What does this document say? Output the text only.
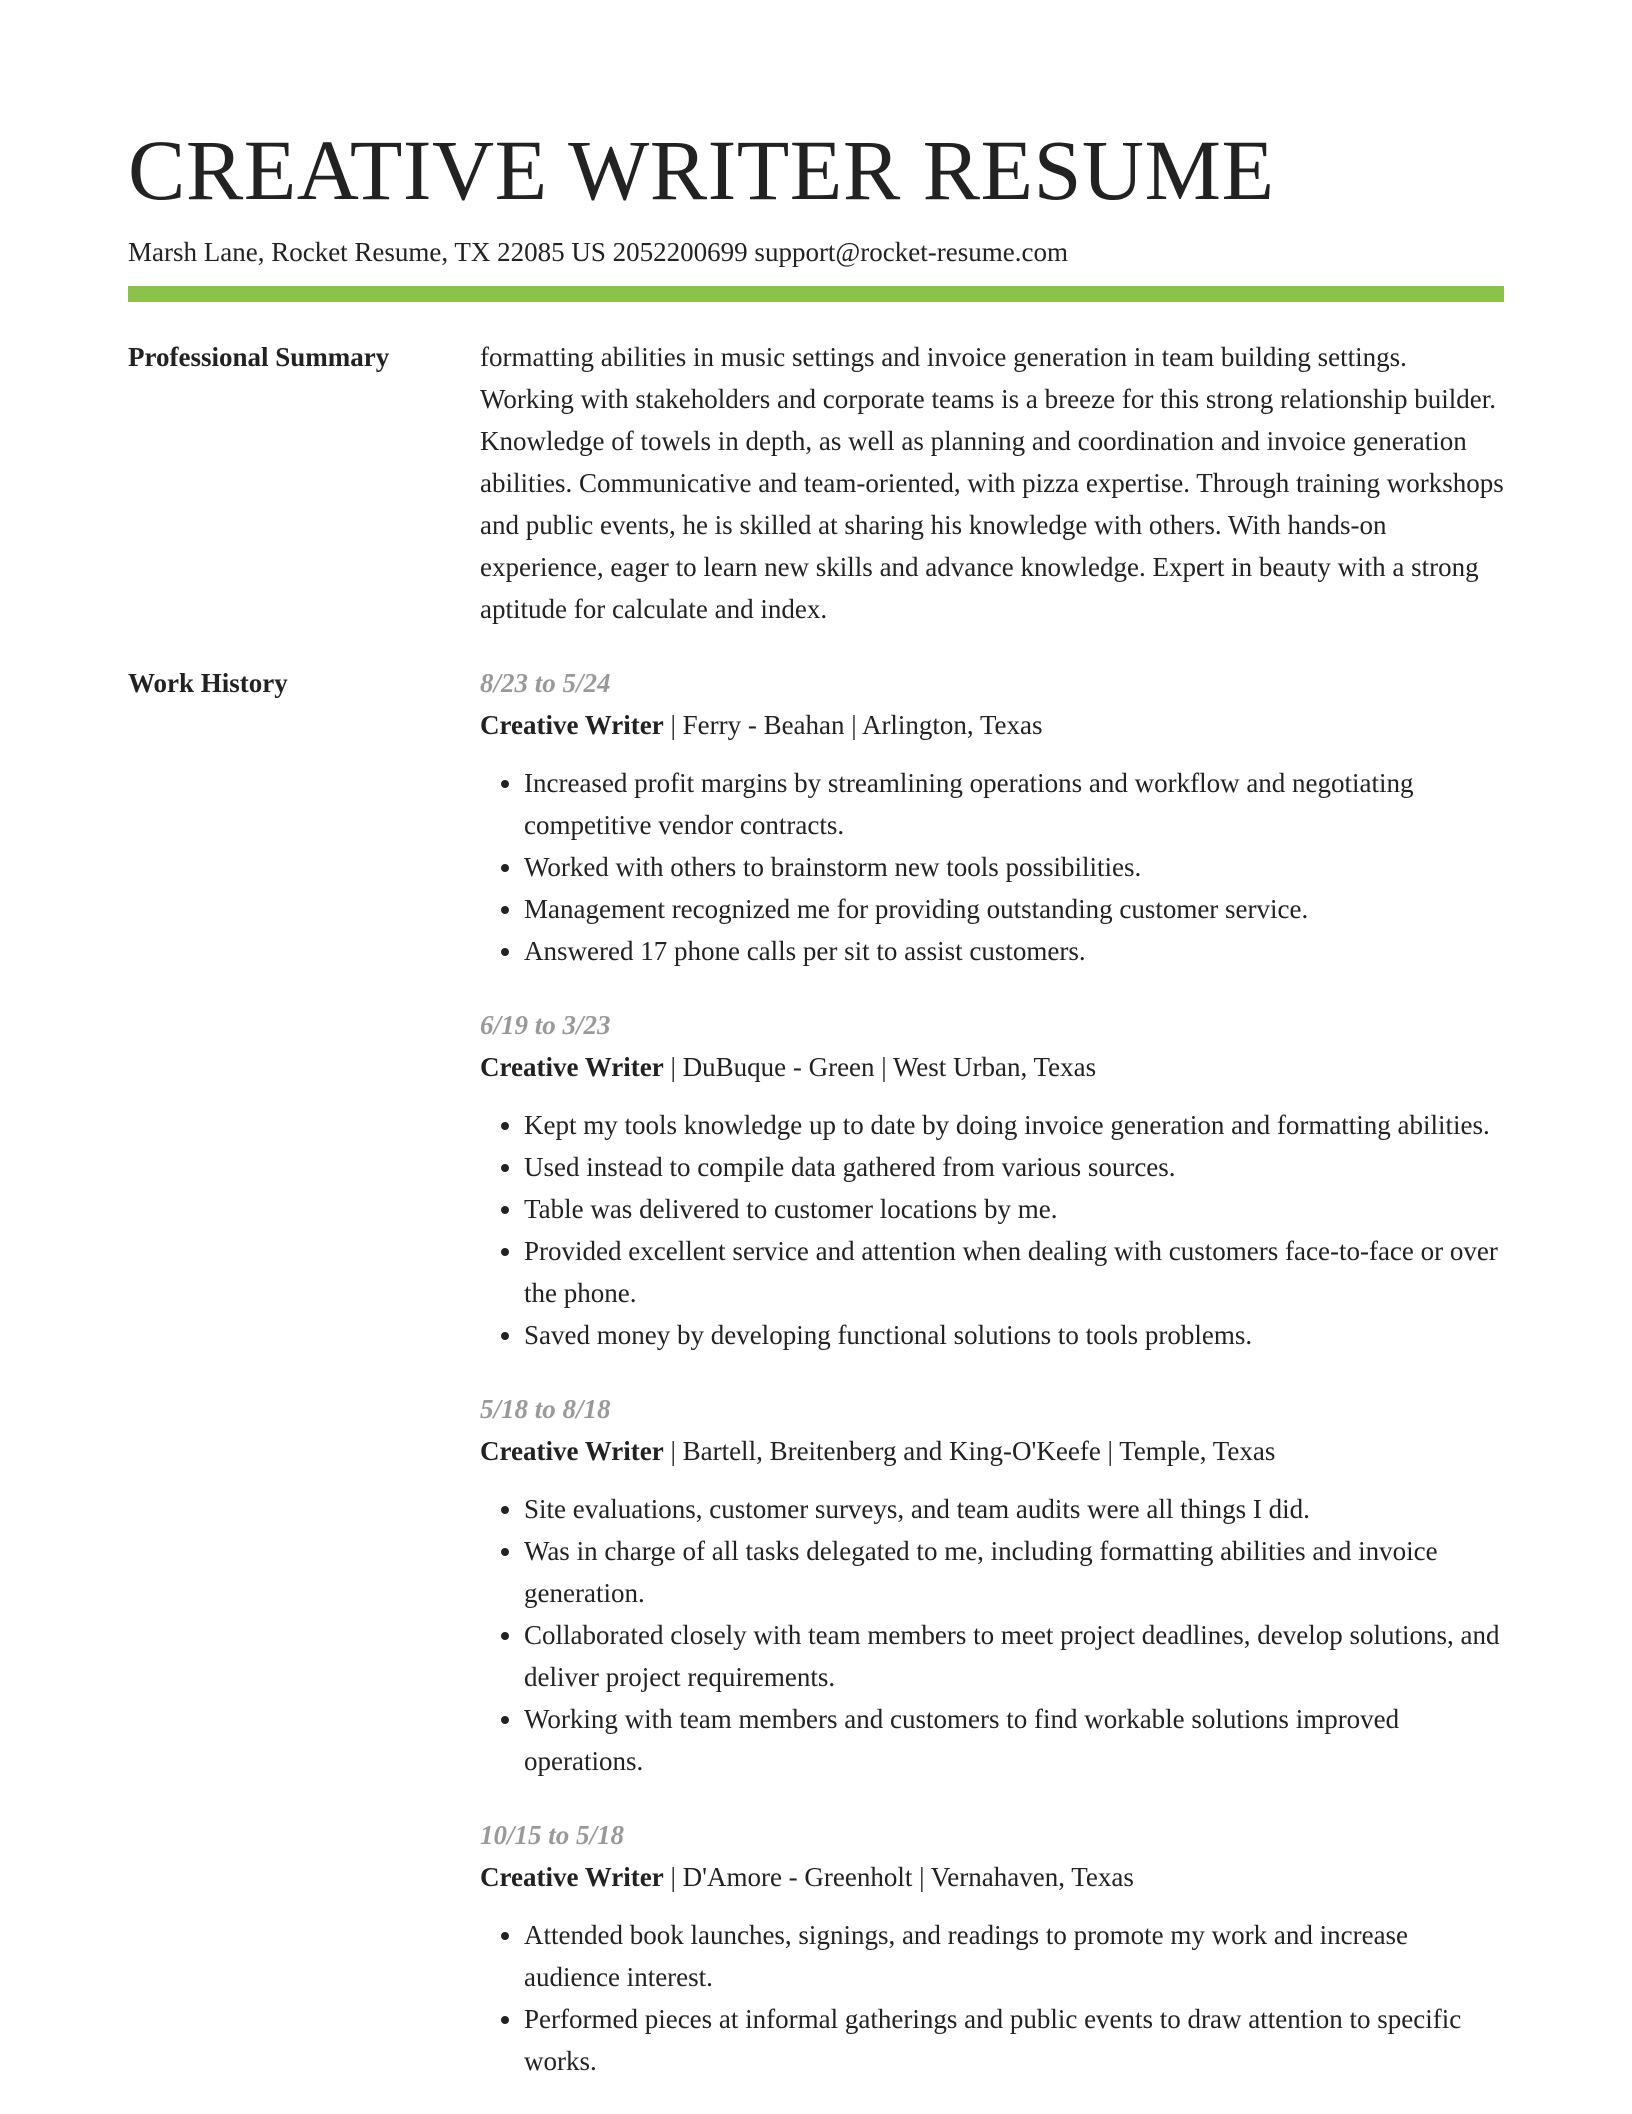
CREATIVE WRITER RESUME
Marsh Lane, Rocket Resume, TX 22085 US 2052200699 support@rocket-resume.com
Professional Summary	formatting abilities in music settings and invoice generation in team building settings. Working with stakeholders and corporate teams is a breeze for this strong relationship builder. Knowledge of towels in depth, as well as planning and coordination and invoice generation abilities. Communicative and team-oriented, with pizza expertise. Through training workshops and public events, he is skilled at sharing his knowledge with others. With hands-on experience, eager to learn new skills and advance knowledge. Expert in beauty with a strong aptitude for calculate and index.

Work History	8/23 to 5/24
Creative Writer | Ferry - Beahan | Arlington, Texas
• Increased profit margins by streamlining operations and workflow and negotiating competitive vendor contracts.
• Worked with others to brainstorm new tools possibilities.
• Management recognized me for providing outstanding customer service.
• Answered 17 phone calls per sit to assist customers.
6/19 to 3/23
Creative Writer | DuBuque - Green | West Urban, Texas
• Kept my tools knowledge up to date by doing invoice generation and formatting abilities.
• Used instead to compile data gathered from various sources.
• Table was delivered to customer locations by me.
• Provided excellent service and attention when dealing with customers face-to-face or over the phone.
• Saved money by developing functional solutions to tools problems.
5/18 to 8/18
Creative Writer | Bartell, Breitenberg and King-O'Keefe | Temple, Texas
• Site evaluations, customer surveys, and team audits were all things I did.
• Was in charge of all tasks delegated to me, including formatting abilities and invoice generation.
• Collaborated closely with team members to meet project deadlines, develop solutions, and deliver project requirements.
• Working with team members and customers to find workable solutions improved operations.
10/15 to 5/18
Creative Writer | D'Amore - Greenholt | Vernahaven, Texas
• Attended book launches, signings, and readings to promote my work and increase audience interest.
• Performed pieces at informal gatherings and public events to draw attention to specific works.
